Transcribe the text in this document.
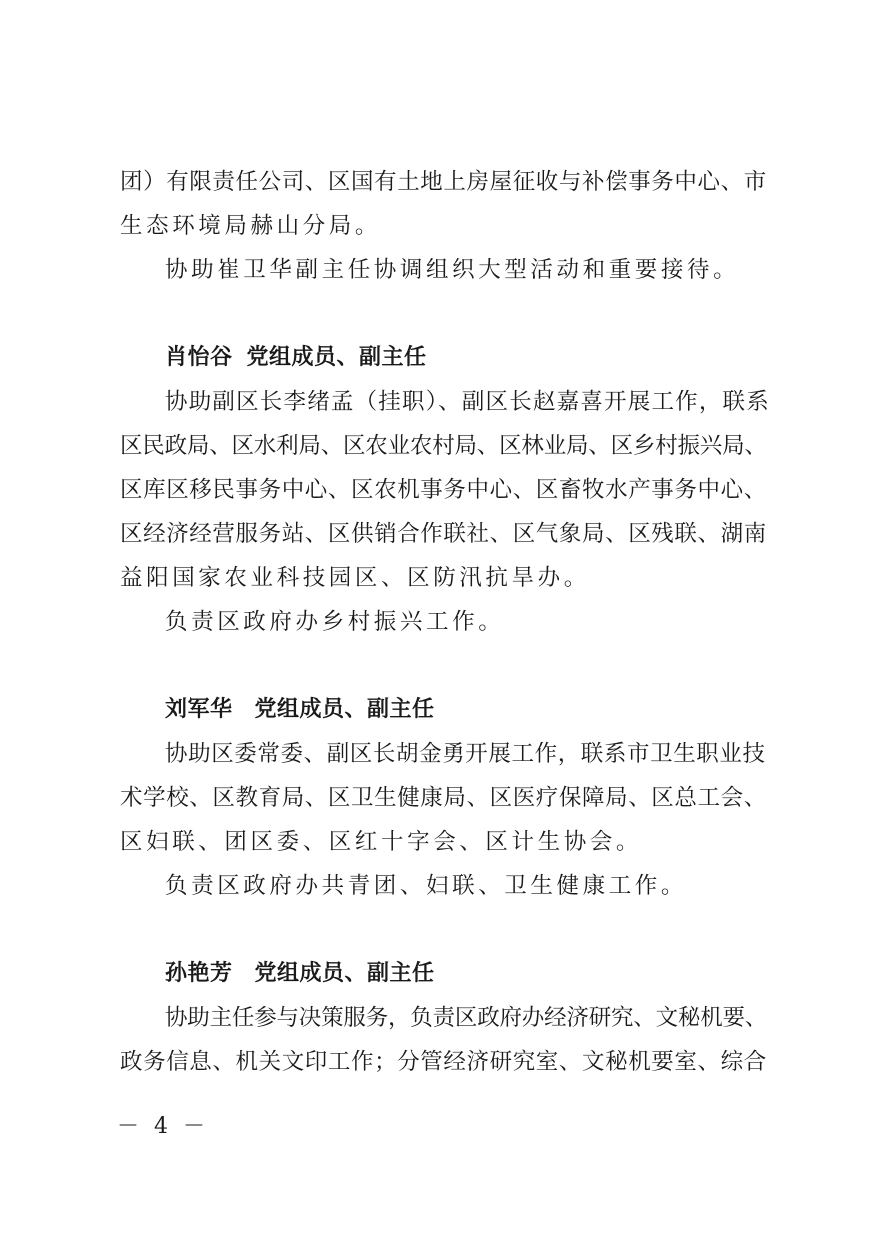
团）有限责任公司、区国有土地上房屋征收与补偿事务中心、市
生态环境局赫山分局。
协助崔卫华副主任协调组织大型活动和重要接待。
肖怡谷 党组成员、副主任
协助副区长李绪孟（挂职）、副区长赵嘉喜开展工作，联系
区民政局、区水利局、区农业农村局、区林业局、区乡村振兴局、
区库区移民事务中心、区农机事务中心、区畜牧水产事务中心、
区经济经营服务站、区供销合作联社、区气象局、区残联、湖南
益阳国家农业科技园区、区防汛抗旱办。
负责区政府办乡村振兴工作。
刘军华 党组成员、副主任
协助区委常委、副区长胡金勇开展工作，联系市卫生职业技
术学校、区教育局、区卫生健康局、区医疗保障局、区总工会、
区妇联、团区委、区红十字会、区计生协会。
负责区政府办共青团、妇联、卫生健康工作。
孙艳芳 党组成员、副主任
协助主任参与决策服务，负责区政府办经济研究、文秘机要、
政务信息、机关文印工作；分管经济研究室、文秘机要室、综合
－ 4 －
